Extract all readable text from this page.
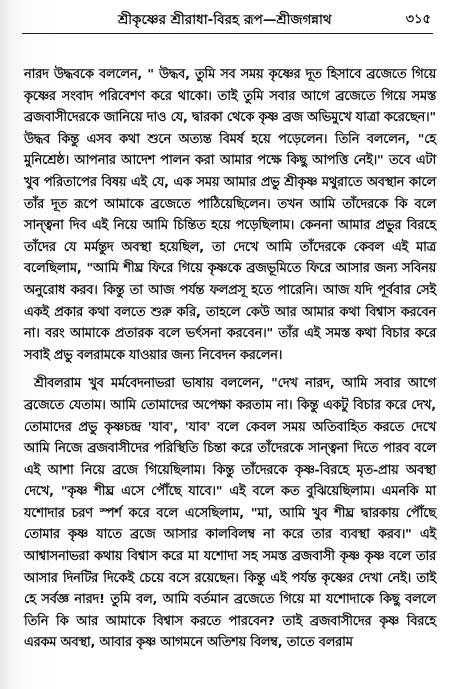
শ্রীকৃষ্ণের শ্রীরাধা-বিরহ রূপ—শ্রীজগন্নাথ	৩১৫

নারদ উদ্ধবকে বললেন, " উদ্ধব, তুমি সব সময় কৃষ্ণের দূত হিসাবে ব্রজেতে গিয়ে কৃষ্ণের সংবাদ পরিবেশণ করে থাকো। তাই তুমি সবার আগে ব্রজেতে গিয়ে সমস্ত ব্রজবাসীদেরকে জানিয়ে দাও যে, দ্বারকা থেকে কৃষ্ণ ব্রজ অভিমুখে যাত্রা করেছেন।" উদ্ধব কিন্তু এসব কথা শুনে অত্যন্ত বিমর্ষ হয়ে পড়েলেন। তিনি বললেন, "হে মুনিশ্রেষ্ঠ। আপনার আদেশ পালন করা আমার পক্ষে কিছু আপত্তি নেই।" তবে এটা খুব পরিতাপের বিষয় এই যে, এক সময় আমার প্রভু শ্রীকৃষ্ণ মথুরাতে অবস্থান কালে তাঁর দূত রূপে আমাকে ব্রজেতে পাঠিয়েছিলেন। তখন আমি তাঁদেরকে কি বলে সান্ত্বনা দিব এই নিয়ে আমি চিন্তিত হয়ে পড়েছিলাম। কেননা আমার প্রভুর বিরহে তাঁদের যে মর্মন্তুদ অবস্থা হয়েছিল, তা দেখে আমি তাঁদেরকে কেবল এই মাত্র বলেছিলাম, "আমি শীঘ্র ফিরে গিয়ে কৃষ্ণকে ব্রজভূমিতে ফিরে আসার জন্য সবিনয় অনুরোধ করব। কিন্তু তা আজ পর্যন্ত ফলপ্রসূ হতে পারেনি। আজ যদি পূর্ববার সেই একই প্রকার কথা বলতে শুরু করি, তাহলে কেউ আর আমার কথা বিশ্বাস করবেন না। বরং আমাকে প্রতারক বলে ভর্ৎসনা করবেন।" তাঁর এই সমস্ত কথা বিচার করে সবাই প্রভু বলরামকে যাওয়ার জন্য নিবেদন করলেন।

শ্রীবলরাম খুব মর্মবেদনাভরা ভাষায় বললেন, "দেখ নারদ, আমি সবার আগে ব্রজেতে যেতাম। আমি তোমাদের অপেক্ষা করতাম না। কিন্তু একটু বিচার করে দেখ, তোমাদের প্রভু কৃষ্ণচন্দ্র 'যাব', 'যাব' বলে কেবল সময় অতিবাহিত করতে দেখে আমি নিজে ব্রজবাসীদের পরিস্থিতি চিন্তা করে তাঁদেরকে সান্ত্বনা দিতে পারব বলে এই আশা নিয়ে ব্রজে গিয়েছিলাম। কিন্তু তাঁদেরকে কৃষ্ণ-বিরহে মৃত-প্রায় অবস্থা দেখে, "কৃষ্ণ শীঘ্র এসে পৌঁছে যাবে।" এই বলে কত বুঝিয়েছিলাম। এমনকি মা যশোদার চরণ স্পর্শ করে বলে এসেছিলাম, "মা, আমি খুব শীঘ্র দ্বারকায় পৌঁছে তোমার কৃষ্ণ যাতে ব্রজে আসার কালবিলম্ব না করে তার ব্যবস্থা করব।" এই আশ্বাসনাভরা কথায় বিশ্বাস করে মা যশোদা সহ সমস্ত ব্রজবাসী কৃষ্ণ কৃষ্ণ বলে তার আসার দিনটির দিকেই চেয়ে বসে রয়েছেন। কিন্তু এই পর্যন্ত কৃষ্ণের দেখা নেই। তাই হে সর্বজ্ঞ নারদ! তুমি বল, আমি বর্তমান ব্রজেতে গিয়ে মা যশোদাকে কিছু বললে তিনি কি আর আমাকে বিশ্বাস করতে পারবেন? তাই ব্রজবাসীদের কৃষ্ণ বিরহে এরকম অবস্থা, আবার কৃষ্ণ আগমনে অতিশয় বিলম্ব, তাতে বলরাম
